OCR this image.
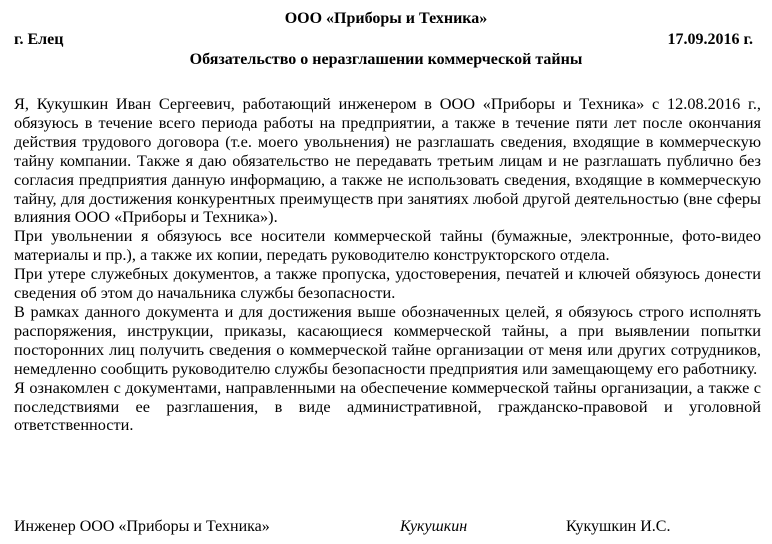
ООО «Приборы и Техника»
г. Елец	17.09.2016 г.
Обязательство о неразглашении коммерческой тайны

Я, Кукушкин Иван Сергеевич, работающий инженером в ООО «Приборы и Техника» с 12.08.2016 г., обязуюсь в течение всего периода работы на предприятии, а также в течение пяти лет после окончания действия трудового договора (т.е. моего увольнения) не разглашать сведения, входящие в коммерческую тайну компании. Также я даю обязательство не передавать третьим лицам и не разглашать публично без согласия предприятия данную информацию, а также не использовать сведения, входящие в коммерческую тайну, для достижения конкурентных преимуществ при занятиях любой другой деятельностью (вне сферы влияния ООО «Приборы и Техника»).

При увольнении я обязуюсь все носители коммерческой тайны (бумажные, электронные, фото-видео материалы и пр.), а также их копии, передать руководителю конструкторского отдела.

При утере служебных документов, а также пропуска, удостоверения, печатей и ключей обязуюсь донести сведения об этом до начальника службы безопасности.

В рамках данного документа и для достижения выше обозначенных целей, я обязуюсь строго исполнять распоряжения, инструкции, приказы, касающиеся коммерческой тайны, а при выявлении попытки посторонних лиц получить сведения о коммерческой тайне организации от меня или других сотрудников, немедленно сообщить руководителю службы безопасности предприятия или замещающему его работнику.

Я ознакомлен с документами, направленными на обеспечение коммерческой тайны организации, а также с последствиями ее разглашения, в виде административной, гражданско-правовой и уголовной ответственности.

Инженер ООО «Приборы и Техника»	Кукушкин	Кукушкин И.С.
